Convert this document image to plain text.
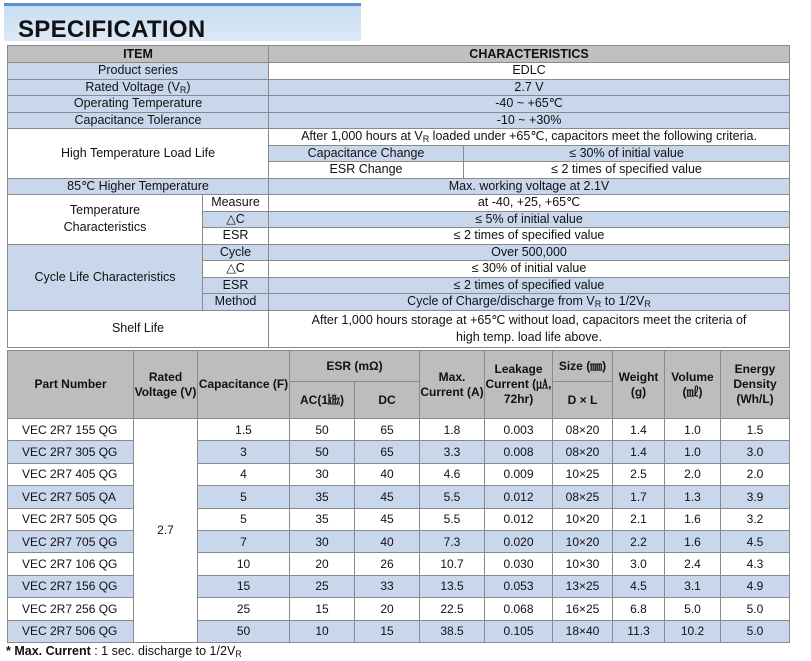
SPECIFICATION
ITEM		CHARACTERISTICS	
Product series		EDLC	
Rated Voltage $(V_R)$		2.7 V	
Operating Temperature		-40 ~ +65℃	
Capacitance Tolerance		-10 ~ +30%	
High Temperature Load Life		After 1,000 hours at $V_R$ loaded under +65℃, capacitors meet the following criteria.	
		Capacitance Change	≤ 30% of initial value
		ESR Change	≤ 2 times of specified value
85℃ Higher Temperature		Max. working voltage at 2.1V	
Temperature Characteristics	Measure	at -40, +25, +65℃	
	△C	≤ 5% of initial value	
	ESR	≤ 2 times of specified value	
Cycle Life Characteristics	Cycle	Over 500,000	
	△C	≤ 30% of initial value	
	ESR	≤ 2 times of specified value	
	Method	Cycle of Charge/discharge from $V_R$ to $1/2V_R$
Shelf Life		After 1,000 hours storage at +65℃ without load, capacitors meet the criteria of high temp. load life above.	
Part Number	Rated Voltage (V)	Capacitance (F)	ESR (mΩ)		Max. Current (A)	Leakage Current (㎂, 72hr)	Size (㎜)	Weight (g)	Volume (㎖)	Energy Density (Wh/L)
			AC(1㎑)	DC			D × L			
VEC 2R7 155 QG	2.7	1.5	50	65	1.8	0.003	08×20	1.4	1.0	1.5
VEC 2R7 305 QG		3	50	65	3.3	0.008	08×20	1.4	1.0	3.0
VEC 2R7 405 QG		4	30	40	4.6	0.009	10×25	2.5	2.0	2.0
VEC 2R7 505 QA		5	35	45	5.5	0.012	08×25	1.7	1.3	3.9
VEC 2R7 505 QG		5	35	45	5.5	0.012	10×20	2.1	1.6	3.2
VEC 2R7 705 QG		7	30	40	7.3	0.020	10×20	2.2	1.6	4.5
VEC 2R7 106 QG		10	20	26	10.7	0.030	10×30	3.0	2.4	4.3
VEC 2R7 156 QG		15	25	33	13.5	0.053	13×25	4.5	3.1	4.9
VEC 2R7 256 QG		25	15	20	22.5	0.068	16×25	6.8	5.0	5.0
VEC 2R7 506 QG		50	10	15	38.5	0.105	18×40	11.3	10.2	5.0
* Max. Current : 1 sec. discharge to $1/2V_R$
